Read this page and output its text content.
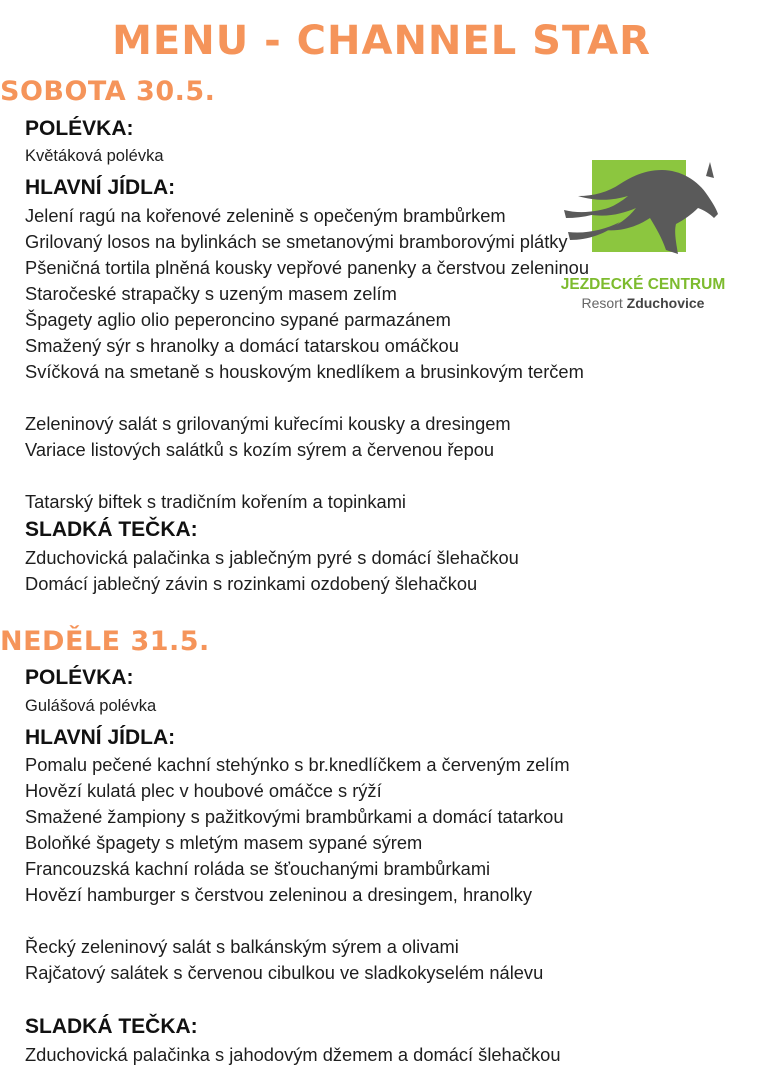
MENU - CHANNEL STAR
JEZDECKÉ CENTRUM
Resort Zduchovice
SOBOTA 30.5.
POLÉVKA:
Květáková polévka
HLAVNÍ JÍDLA:
Jelení ragú na kořenové zelenině s opečeným brambůrkem
Grilovaný losos na bylinkách se smetanovými bramborovými plátky
Pšeničná tortila plněná kousky vepřové panenky a čerstvou zeleninou
Staročeské strapačky s uzeným masem zelím
Špagety aglio olio peperoncino sypané parmazánem
Smažený sýr s hranolky a domácí tatarskou omáčkou
Svíčková na smetaně s houskovým knedlíkem a brusinkovým terčem
Zeleninový salát s grilovanými kuřecími kousky a dresingem
Variace listových salátků s kozím sýrem a červenou řepou
Tatarský biftek s tradičním kořením a topinkami
SLADKÁ TEČKA:
Zduchovická palačinka s jablečným pyré s domácí šlehačkou
Domácí jablečný závin s rozinkami ozdobený šlehačkou
NEDĚLE 31.5.
POLÉVKA:
Gulášová polévka
HLAVNÍ JÍDLA:
Pomalu pečené kachní stehýnko s br.knedlíčkem a červeným zelím
Hovězí kulatá plec v houbové omáčce s rýží
Smažené žampiony s pažitkovými brambůrkami a domácí tatarkou
Boloňké špagety s mletým masem sypané sýrem
Francouzská kachní roláda se šťouchanými brambůrkami
Hovězí hamburger s čerstvou zeleninou a dresingem, hranolky
Řecký zeleninový salát s balkánským sýrem a olivami
Rajčatový salátek s červenou cibulkou ve sladkokyselém nálevu
SLADKÁ TEČKA:
Zduchovická palačinka s jahodovým džemem a domácí šlehačkou
